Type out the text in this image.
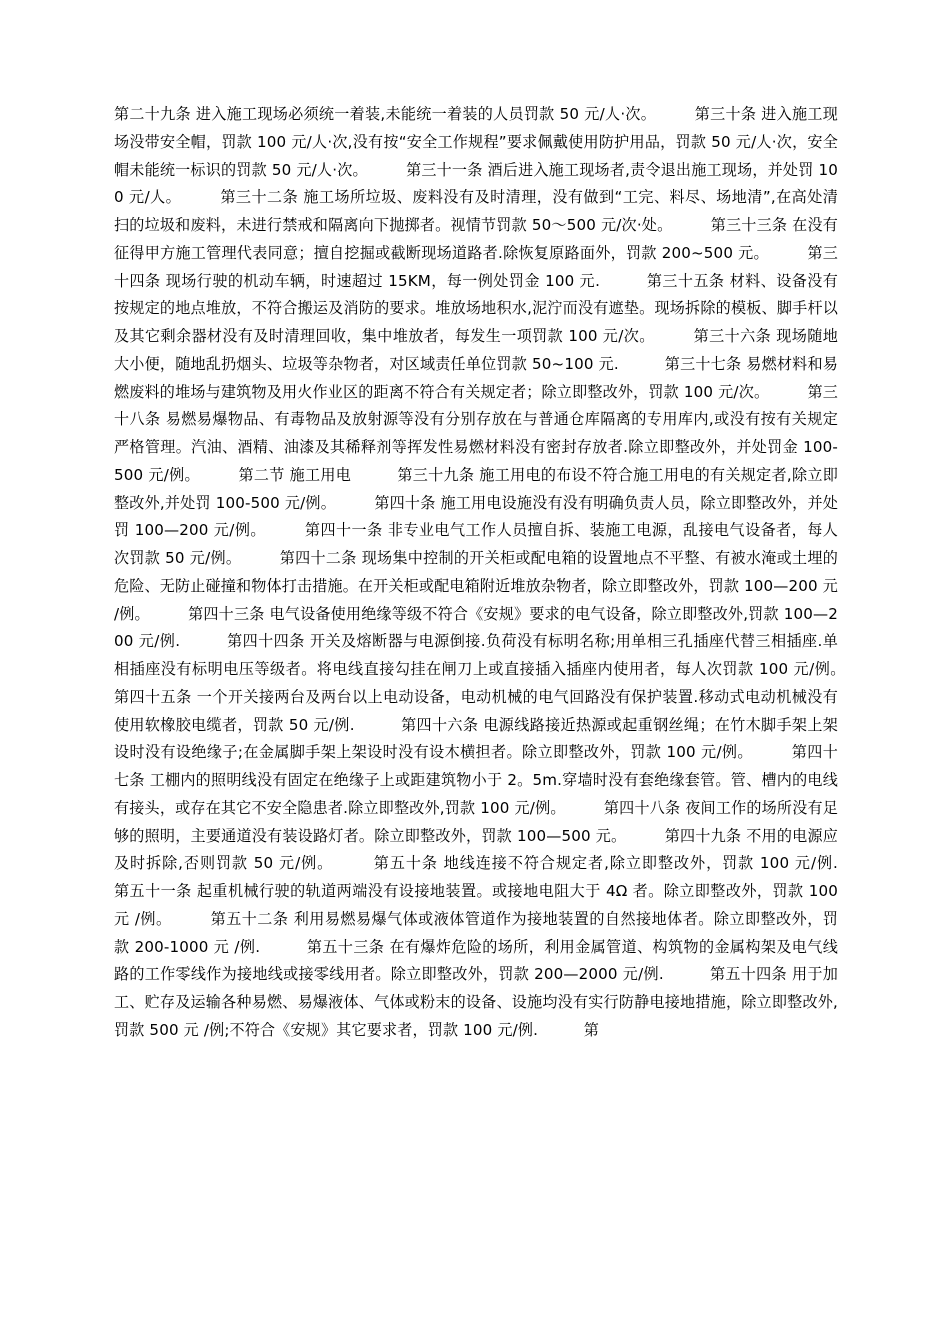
第二十九条 进入施工现场必须统一着装,未能统一着装的人员罚款 50 元/人·次。　　　第三十条 进入施工现场没带安全帽，罚款 100 元/人·次,没有按“安全工作规程”要求佩戴使用防护用品，罚款 50 元/人·次，安全帽未能统一标识的罚款 50 元/人·次。　　　第三十一条 酒后进入施工现场者,责令退出施工现场，并处罚 100 元/人。　　　第三十二条 施工场所垃圾、废料没有及时清理，没有做到“工完、料尽、场地清”,在高处清扫的垃圾和废料，未进行禁戒和隔离向下抛掷者。视情节罚款 50～500 元/次·处。　　　第三十三条 在没有征得甲方施工管理代表同意；擅自挖掘或截断现场道路者.除恢复原路面外，罚款 200~500 元。　　　第三十四条 现场行驶的机动车辆，时速超过 15KM，每一例处罚金 100 元.　　　第三十五条 材料、设备没有按规定的地点堆放，不符合搬运及消防的要求。堆放场地积水,泥泞而没有遮垫。现场拆除的模板、脚手杆以及其它剩余器材没有及时清理回收，集中堆放者，每发生一项罚款 100 元/次。　　　第三十六条 现场随地大小便，随地乱扔烟头、垃圾等杂物者，对区域责任单位罚款 50~100 元.　　　第三十七条 易燃材料和易燃废料的堆场与建筑物及用火作业区的距离不符合有关规定者；除立即整改外，罚款 100 元/次。　　　第三十八条 易燃易爆物品、有毒物品及放射源等没有分别存放在与普通仓库隔离的专用库内,或没有按有关规定严格管理。汽油、酒精、油漆及其稀释剂等挥发性易燃材料没有密封存放者.除立即整改外，并处罚金 100-500 元/例。　　　第二节 施工用电　　　第三十九条 施工用电的布设不符合施工用电的有关规定者,除立即整改外,并处罚 100-500 元/例。　　　第四十条 施工用电设施没有没有明确负责人员，除立即整改外，并处罚 100—200 元/例。　　　第四十一条 非专业电气工作人员擅自拆、装施工电源，乱接电气设备者，每人次罚款 50 元/例。　　　第四十二条 现场集中控制的开关柜或配电箱的设置地点不平整、有被水淹或土埋的危险、无防止碰撞和物体打击措施。在开关柜或配电箱附近堆放杂物者，除立即整改外，罚款 100—200 元 /例。　　　第四十三条 电气设备使用绝缘等级不符合《安规》要求的电气设备，除立即整改外,罚款 100—200 元/例.　　　第四十四条 开关及熔断器与电源倒接.负荷没有标明名称;用单相三孔插座代替三相插座.单相插座没有标明电压等级者。将电线直接勾挂在闸刀上或直接插入插座内使用者，每人次罚款 100 元/例。　　　第四十五条 一个开关接两台及两台以上电动设备，电动机械的电气回路没有保护装置.移动式电动机械没有使用软橡胶电缆者，罚款 50 元/例.　　　第四十六条 电源线路接近热源或起重钢丝绳；在竹木脚手架上架设时没有设绝缘子;在金属脚手架上架设时没有设木横担者。除立即整改外，罚款 100 元/例。　　　第四十七条 工棚内的照明线没有固定在绝缘子上或距建筑物小于 2。5m.穿墙时没有套绝缘套管。管、槽内的电线有接头，或存在其它不安全隐患者.除立即整改外,罚款 100 元/例。　　　第四十八条 夜间工作的场所没有足够的照明，主要通道没有装设路灯者。除立即整改外，罚款 100—500 元。　　　第四十九条 不用的电源应及时拆除,否则罚款 50 元/例。　　　第五十条 地线连接不符合规定者,除立即整改外，罚款 100 元/例.　　　第五十一条 起重机械行驶的轨道两端没有设接地装置。或接地电阻大于 4Ω 者。除立即整改外，罚款 100 元 /例。　　　第五十二条 利用易燃易爆气体或液体管道作为接地装置的自然接地体者。除立即整改外，罚款 200-1000 元 /例.　　　第五十三条 在有爆炸危险的场所，利用金属管道、构筑物的金属构架及电气线路的工作零线作为接地线或接零线用者。除立即整改外，罚款 200—2000 元/例.　　　第五十四条 用于加工、贮存及运输各种易燃、易爆液体、气体或粉末的设备、设施均没有实行防静电接地措施，除立即整改外,罚款 500 元 /例;不符合《安规》其它要求者，罚款 100 元/例.　　　第
